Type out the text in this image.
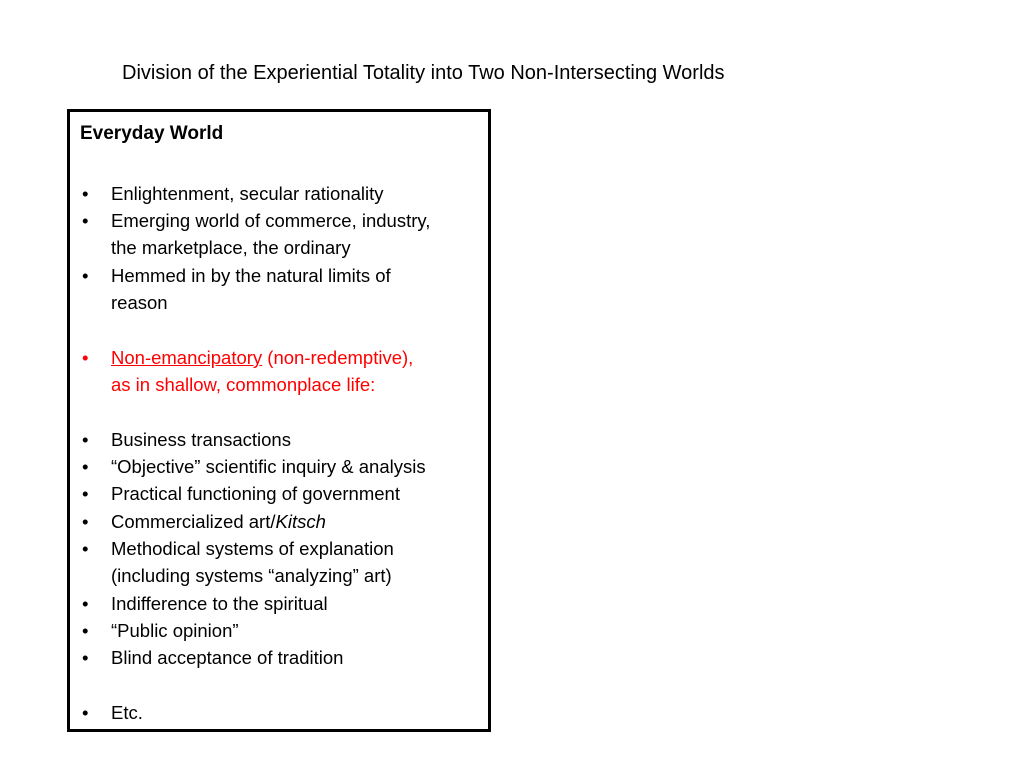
Division of the Experiential Totality into Two Non-Intersecting Worlds
Everyday World
• Enlightenment, secular rationality
• Emerging world of commerce, industry,
the marketplace, the ordinary
• Hemmed in by the natural limits of
reason
• Non-emancipatory (non-redemptive),
as in shallow, commonplace life:
• Business transactions
• “Objective” scientific inquiry & analysis
• Practical functioning of government
• Commercialized art/Kitsch
• Methodical systems of explanation
(including systems “analyzing” art)
• Indifference to the spiritual
• “Public opinion”
• Blind acceptance of tradition
• Etc.
